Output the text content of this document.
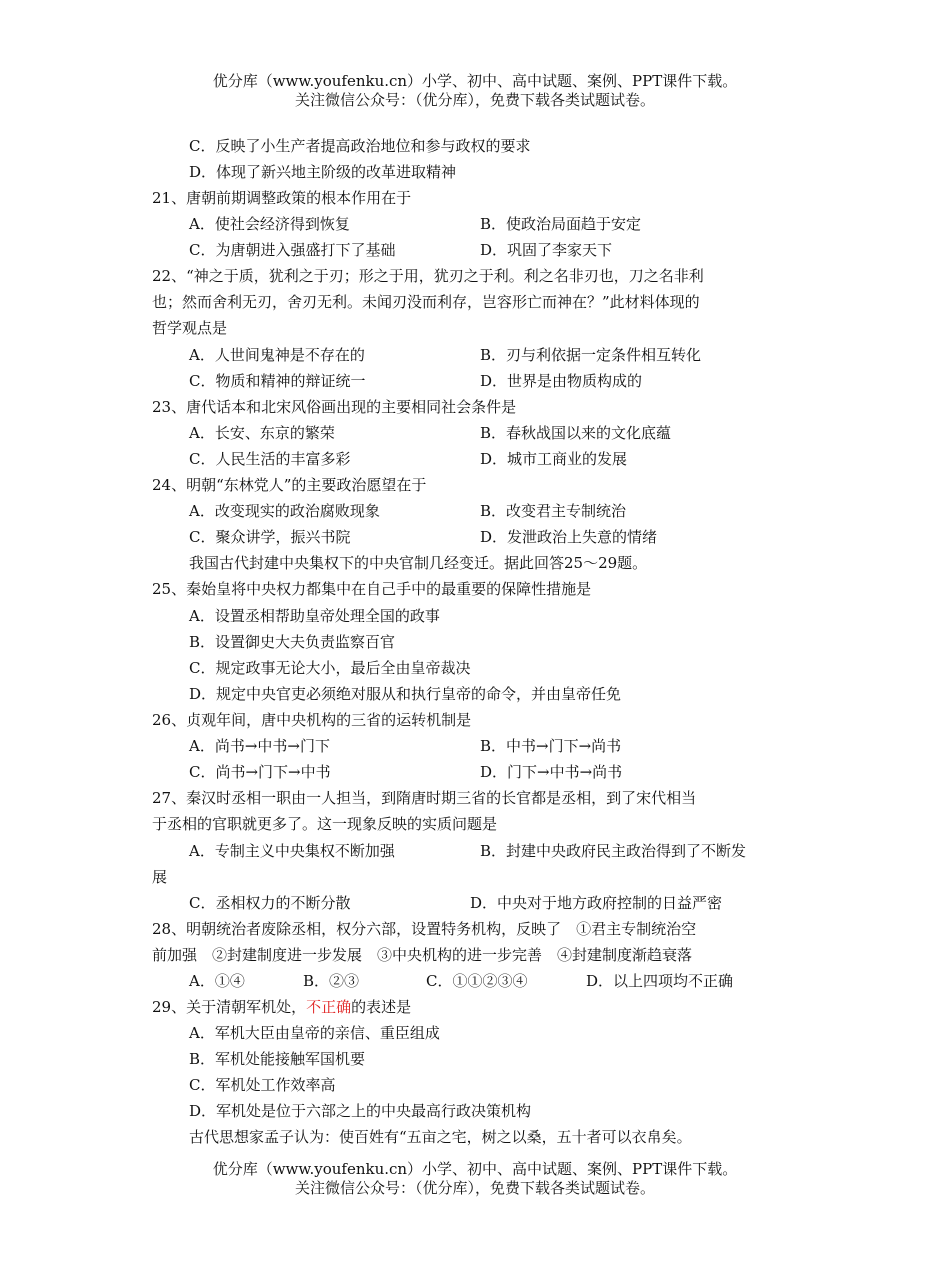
优分库（www.youfenku.cn）小学、初中、高中试题、案例、PPT课件下载。
关注微信公众号：（优分库），免费下载各类试题试卷。
C．反映了小生产者提高政治地位和参与政权的要求
D．体现了新兴地主阶级的改革进取精神
21、唐朝前期调整政策的根本作用在于
A．使社会经济得到恢复	B．使政治局面趋于安定
C．为唐朝进入强盛打下了基础	D．巩固了李家天下
22、“神之于质，犹利之于刃；形之于用，犹刃之于利。利之名非刃也，刀之名非利
也；然而舍利无刃，舍刃无利。未闻刃没而利存，岂容形亡而神在？”此材料体现的
哲学观点是
A．人世间鬼神是不存在的	B．刃与利依据一定条件相互转化
C．物质和精神的辩证统一	D．世界是由物质构成的
23、唐代话本和北宋风俗画出现的主要相同社会条件是
A．长安、东京的繁荣	B．春秋战国以来的文化底蕴
C．人民生活的丰富多彩	D．城市工商业的发展
24、明朝“东林党人”的主要政治愿望在于
A．改变现实的政治腐败现象	B．改变君主专制统治
C．聚众讲学，振兴书院	D．发泄政治上失意的情绪
我国古代封建中央集权下的中央官制几经变迁。据此回答25～29题。
25、秦始皇将中央权力都集中在自己手中的最重要的保障性措施是
A．设置丞相帮助皇帝处理全国的政事
B．设置御史大夫负责监察百官
C．规定政事无论大小，最后全由皇帝裁决
D．规定中央官吏必须绝对服从和执行皇帝的命令，并由皇帝任免
26、贞观年间，唐中央机构的三省的运转机制是
A．尚书→中书→门下	B．中书→门下→尚书
C．尚书→门下→中书	D．门下→中书→尚书
27、秦汉时丞相一职由一人担当，到隋唐时期三省的长官都是丞相，到了宋代相当
于丞相的官职就更多了。这一现象反映的实质问题是
A．专制主义中央集权不断加强	B．封建中央政府民主政治得到了不断发
展
C．丞相权力的不断分散	D．中央对于地方政府控制的日益严密
28、明朝统治者废除丞相，权分六部，设置特务机构，反映了　①君主专制统治空
前加强　②封建制度进一步发展　③中央机构的进一步完善　④封建制度渐趋衰落
A．①④	B．②③	C．①①②③④	D．以上四项均不正确
29、关于清朝军机处，不正确的表述是
A．军机大臣由皇帝的亲信、重臣组成
B．军机处能接触军国机要
C．军机处工作效率高
D．军机处是位于六部之上的中央最高行政决策机构
古代思想家孟子认为：使百姓有“五亩之宅，树之以桑，五十者可以衣帛矣。
优分库（www.youfenku.cn）小学、初中、高中试题、案例、PPT课件下载。
关注微信公众号：（优分库），免费下载各类试题试卷。
